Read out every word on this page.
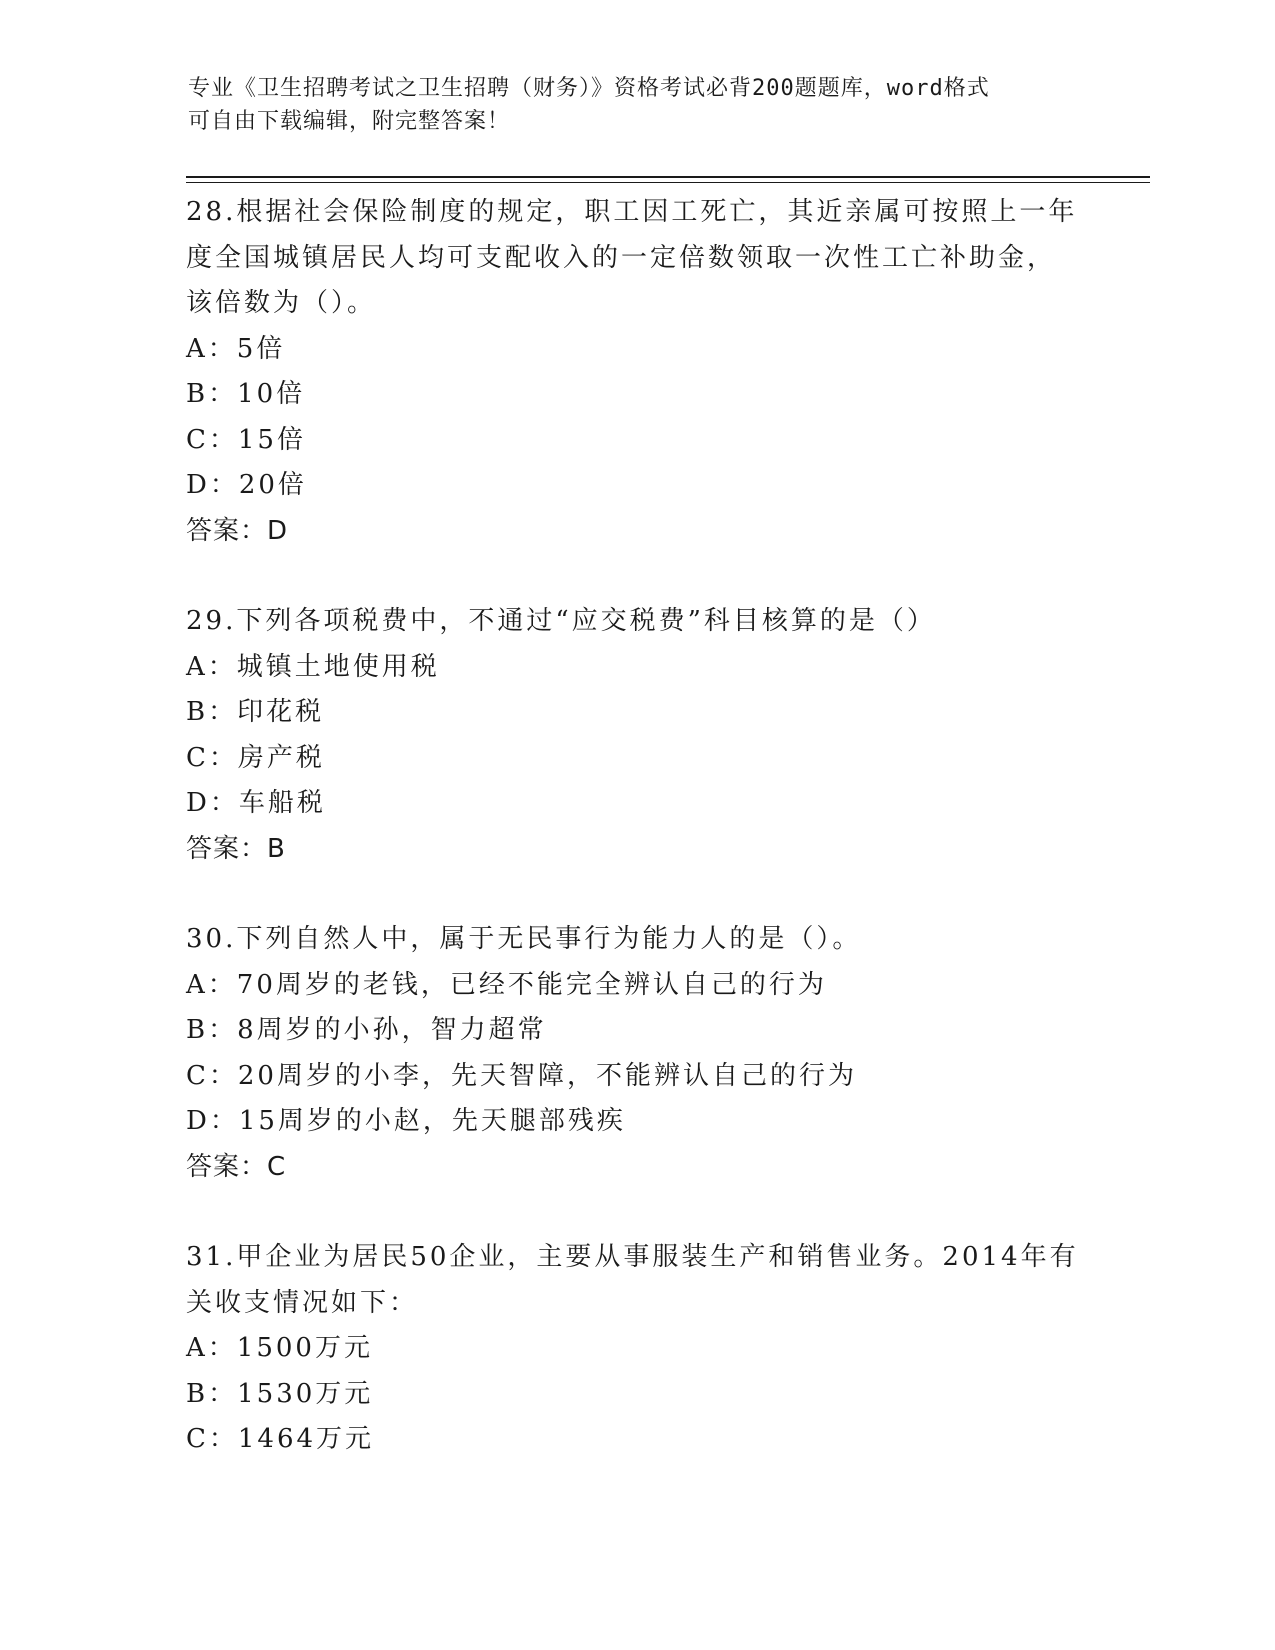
专业《卫生招聘考试之卫生招聘（财务）》资格考试必背200题题库，word格式
可自由下载编辑，附完整答案！
28.根据社会保险制度的规定，职工因工死亡，其近亲属可按照上一年
度全国城镇居民人均可支配收入的一定倍数领取一次性工亡补助金，
该倍数为（）。
A：5倍
B：10倍
C：15倍
D：20倍
答案：D
29.下列各项税费中，不通过“应交税费”科目核算的是（）
A：城镇土地使用税
B：印花税
C：房产税
D：车船税
答案：B
30.下列自然人中，属于无民事行为能力人的是（）。
A：70周岁的老钱，已经不能完全辨认自己的行为
B：8周岁的小孙，智力超常
C：20周岁的小李，先天智障，不能辨认自己的行为
D：15周岁的小赵，先天腿部残疾
答案：C
31.甲企业为居民50企业，主要从事服装生产和销售业务。2014年有
关收支情况如下：
A：1500万元
B：1530万元
C：1464万元
